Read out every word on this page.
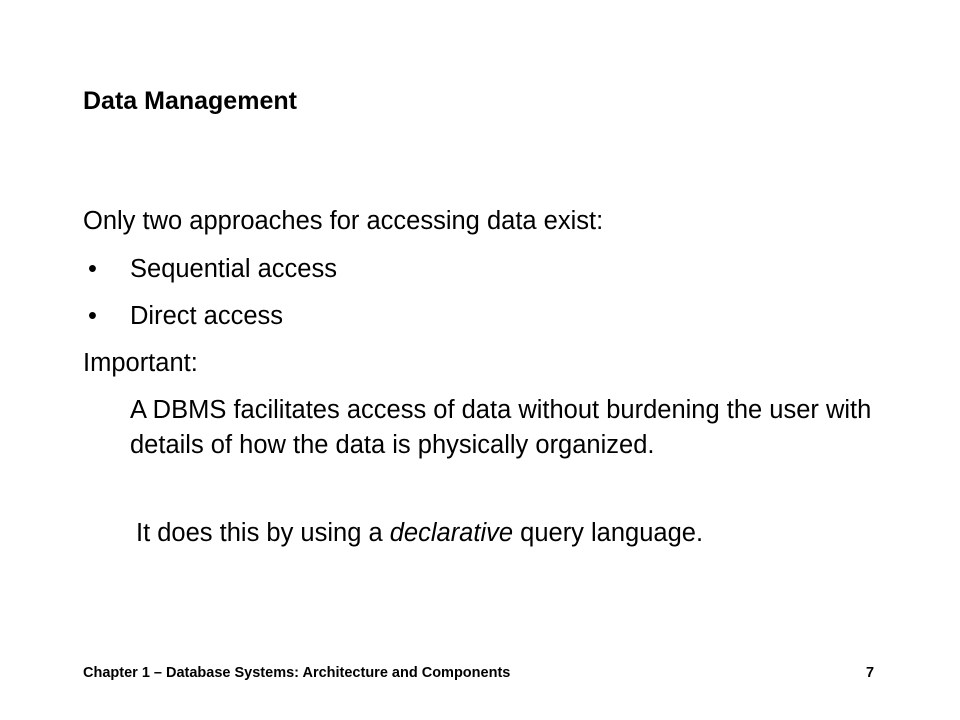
Data Management
Only two approaches for accessing data exist:
• Sequential access
• Direct access
Important:
A DBMS facilitates access of data without burdening the user with details of how the data is physically organized.
It does this by using a declarative query language.
Chapter 1 – Database Systems: Architecture and Components	7
